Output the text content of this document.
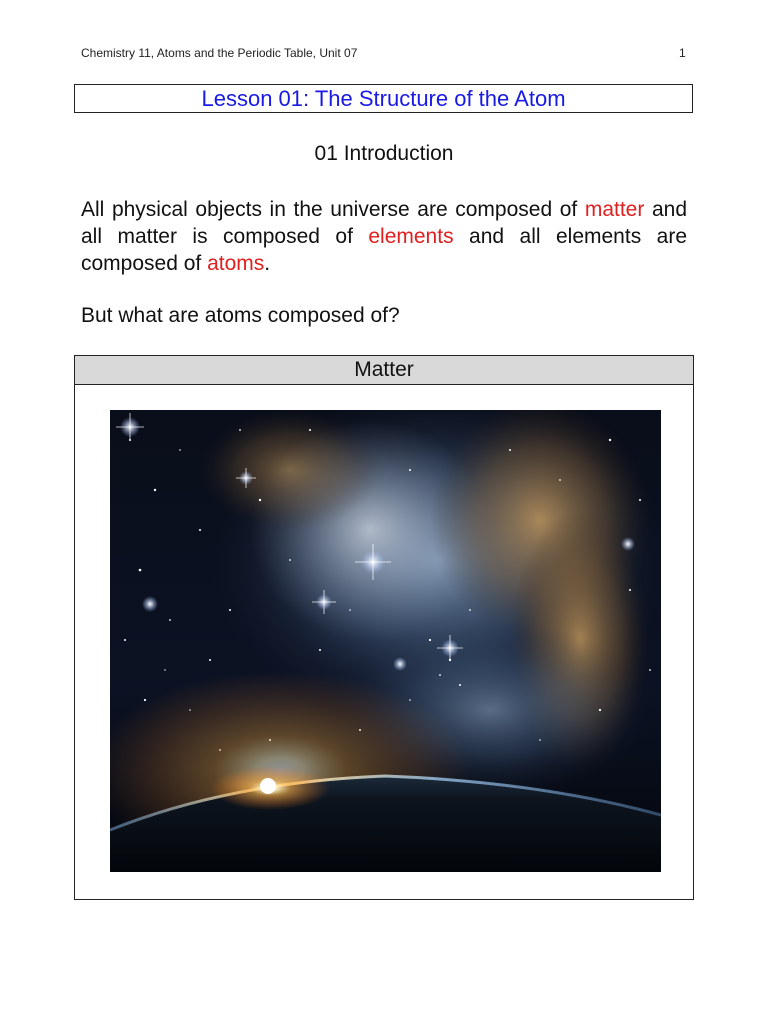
Chemistry 11, Atoms and the Periodic Table, Unit 07	1
Lesson 01: The Structure of the Atom
01 Introduction
All physical objects in the universe are composed of matter and all matter is composed of elements and all elements are composed of atoms.
But what are atoms composed of?
Matter
